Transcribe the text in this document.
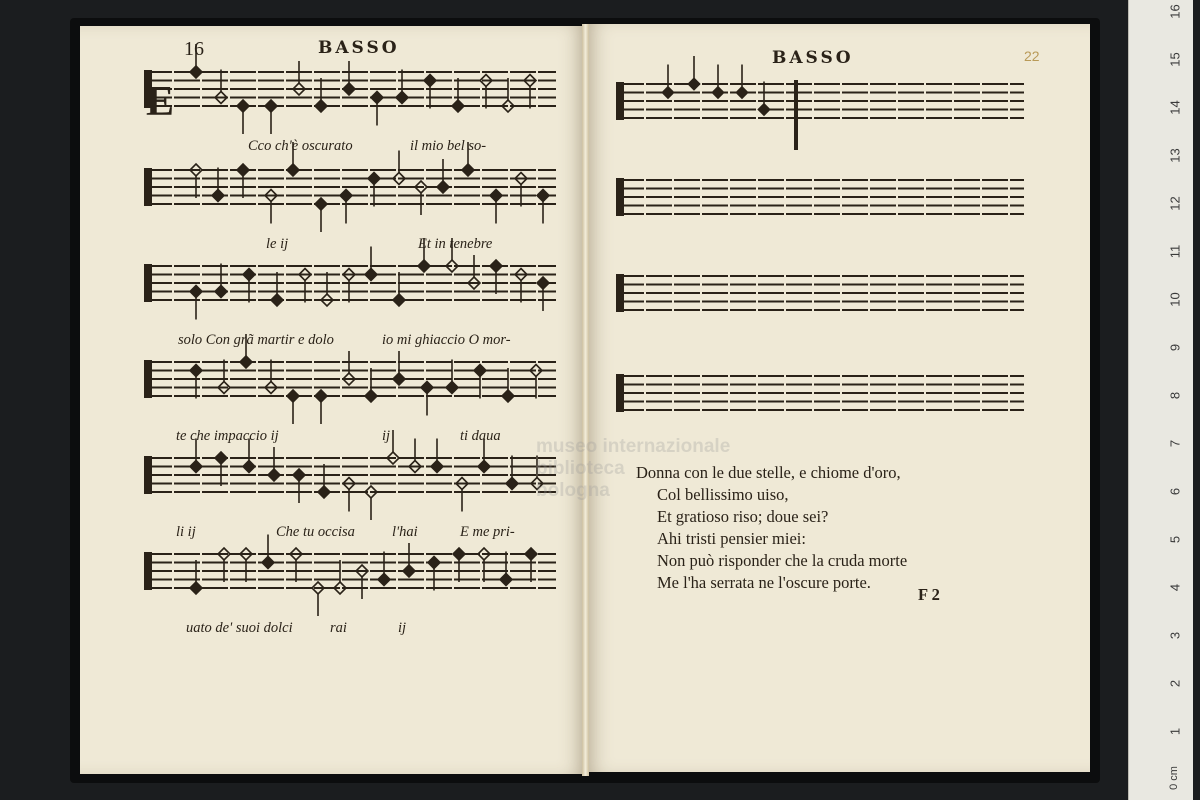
16	BASSO
E
Cco ch'è oscurato	il mio bel so-
le ij	Et in tenebre
solo Con grã martir e dolo	io mi ghiaccio O mor-
te che impaccio ij	ij	ti daua
li ij	Che tu occisa	l'hai	E me pri-
uato de' suoi dolci	rai	ij
BASSO	22
museo internazionale
biblioteca
bologna
Donna con le due stelle, e chiome d'oro,
Col bellissimo uiso,
Et gratioso riso; doue sei?
Ahi tristi pensier miei:
Non può risponder che la cruda morte
Me l'ha serrata ne l'oscure porte.
F 2
16
15
14
13
12
11
10
9
8
7
6
5
4
3
2
1
0 cm
